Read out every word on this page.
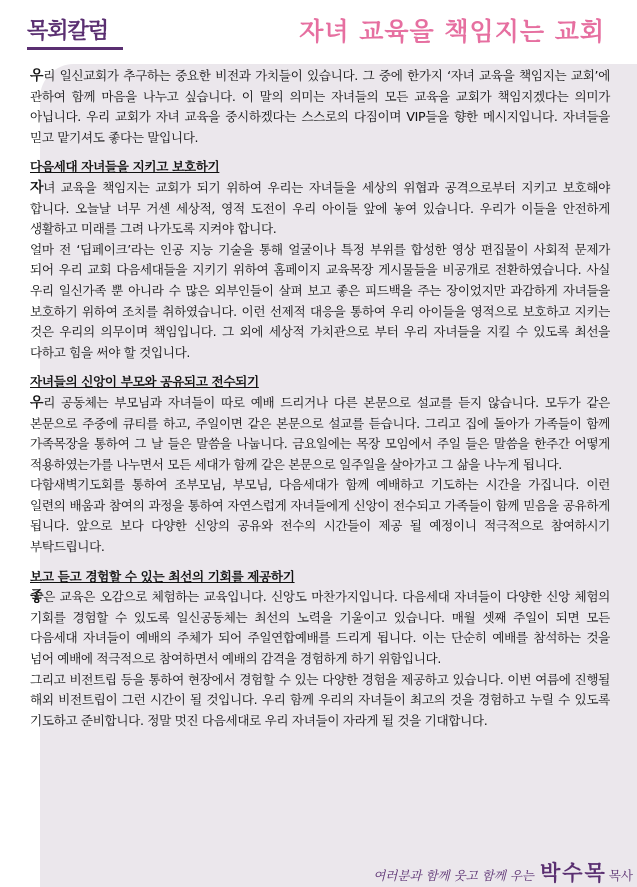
목회칼럼	자녀 교육을 책임지는 교회

우리 일신교회가 추구하는 중요한 비전과 가치들이 있습니다. 그 중에 한가지 ‘자녀 교육을 책임지는 교회’에 관하여 함께 마음을 나누고 싶습니다. 이 말의 의미는 자녀들의 모든 교육을 교회가 책임지겠다는 의미가 아닙니다. 우리 교회가 자녀 교육을 중시하겠다는 스스로의 다짐이며 VIP들을 향한 메시지입니다. 자녀들을 믿고 맡기셔도 좋다는 말입니다.

다음세대 자녀들을 지키고 보호하기

자녀 교육을 책임지는 교회가 되기 위하여 우리는 자녀들을 세상의 위협과 공격으로부터 지키고 보호해야 합니다. 오늘날 너무 거센 세상적, 영적 도전이 우리 아이들 앞에 놓여 있습니다. 우리가 이들을 안전하게 생활하고 미래를 그려 나가도록 지켜야 합니다.

얼마 전 ‘딥페이크’라는 인공 지능 기술을 통해 얼굴이나 특정 부위를 합성한 영상 편집물이 사회적 문제가 되어 우리 교회 다음세대들을 지키기 위하여 홈페이지 교육목장 게시물들을 비공개로 전환하였습니다. 사실 우리 일신가족 뿐 아니라 수 많은 외부인들이 살펴 보고 좋은 피드백을 주는 장이었지만 과감하게 자녀들을 보호하기 위하여 조치를 취하였습니다. 이런 선제적 대응을 통하여 우리 아이들을 영적으로 보호하고 지키는 것은 우리의 의무이며 책임입니다. 그 외에 세상적 가치관으로 부터 우리 자녀들을 지킬 수 있도록 최선을 다하고 힘을 써야 할 것입니다.

자녀들의 신앙이 부모와 공유되고 전수되기

우리 공동체는 부모님과 자녀들이 따로 예배 드리거나 다른 본문으로 설교를 듣지 않습니다. 모두가 같은 본문으로 주중에 큐티를 하고, 주일이면 같은 본문으로 설교를 듣습니다. 그리고 집에 돌아가 가족들이 함께 가족목장을 통하여 그 날 들은 말씀을 나눕니다. 금요일에는 목장 모임에서 주일 들은 말씀을 한주간 어떻게 적용하였는가를 나누면서 모든 세대가 함께 같은 본문으로 일주일을 살아가고 그 삶을 나누게 됩니다.

다함새벽기도회를 통하여 조부모님, 부모님, 다음세대가 함께 예배하고 기도하는 시간을 가집니다. 이런 일련의 배움과 참여의 과정을 통하여 자연스럽게 자녀들에게 신앙이 전수되고 가족들이 함께 믿음을 공유하게 됩니다. 앞으로 보다 다양한 신앙의 공유와 전수의 시간들이 제공 될 예정이니 적극적으로 참여하시기 부탁드립니다.

보고 듣고 경험할 수 있는 최선의 기회를 제공하기

좋은 교육은 오감으로 체험하는 교육입니다. 신앙도 마찬가지입니다. 다음세대 자녀들이 다양한 신앙 체험의 기회를 경험할 수 있도록 일신공동체는 최선의 노력을 기울이고 있습니다. 매월 셋째 주일이 되면 모든 다음세대 자녀들이 예배의 주체가 되어 주일연합예배를 드리게 됩니다. 이는 단순히 예배를 참석하는 것을 넘어 예배에 적극적으로 참여하면서 예배의 감격을 경험하게 하기 위함입니다.

그리고 비전트립 등을 통하여 현장에서 경험할 수 있는 다양한 경험을 제공하고 있습니다. 이번 여름에 진행될 해외 비전트립이 그런 시간이 될 것입니다. 우리 함께 우리의 자녀들이 최고의 것을 경험하고 누릴 수 있도록 기도하고 준비합니다. 정말 멋진 다음세대로 우리 자녀들이 자라게 될 것을 기대합니다.

여러분과 함께 웃고 함께 우는 박수목 목사
